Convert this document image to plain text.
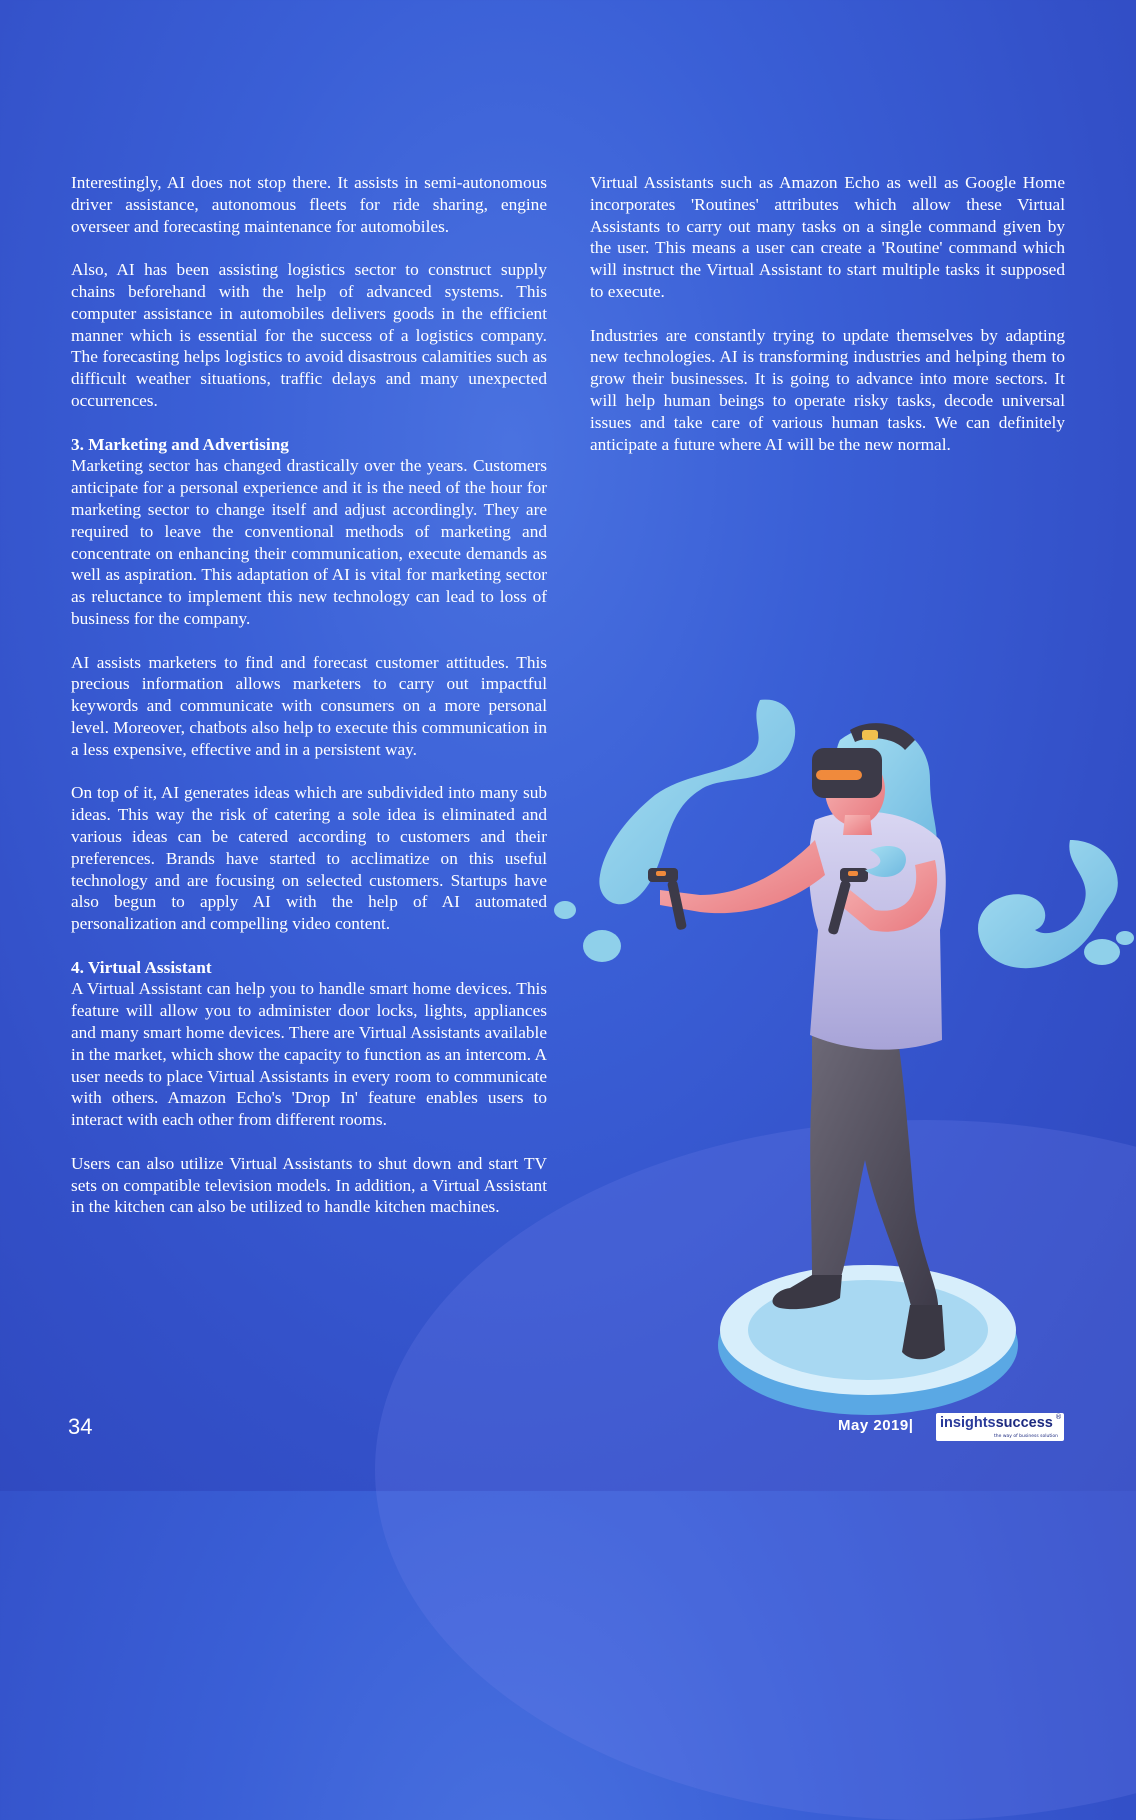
Interestingly, AI does not stop there. It assists in semi-autonomous driver assistance, autonomous fleets for ride sharing, engine overseer and forecasting maintenance for automobiles.

Also, AI has been assisting logistics sector to construct supply chains beforehand with the help of advanced systems. This computer assistance in automobiles delivers goods in the efficient manner which is essential for the success of a logistics company. The forecasting helps logistics to avoid disastrous calamities such as difficult weather situations, traffic delays and many unexpected occurrences.

3. Marketing and Advertising
Marketing sector has changed drastically over the years. Customers anticipate for a personal experience and it is the need of the hour for marketing sector to change itself and adjust accordingly. They are required to leave the conventional methods of marketing and concentrate on enhancing their communication, execute demands as well as aspiration. This adaptation of AI is vital for marketing sector as reluctance to implement this new technology can lead to loss of business for the company.

AI assists marketers to find and forecast customer attitudes. This precious information allows marketers to carry out impactful keywords and communicate with consumers on a more personal level. Moreover, chatbots also help to execute this communication in a less expensive, effective and in a persistent way.

On top of it, AI generates ideas which are subdivided into many sub ideas. This way the risk of catering a sole idea is eliminated and various ideas can be catered according to customers and their preferences. Brands have started to acclimatize on this useful technology and are focusing on selected customers. Startups have also begun to apply AI with the help of AI automated personalization and compelling video content.

4. Virtual Assistant
A Virtual Assistant can help you to handle smart home devices. This feature will allow you to administer door locks, lights, appliances and many smart home devices. There are Virtual Assistants available in the market, which show the capacity to function as an intercom. A user needs to place Virtual Assistants in every room to communicate with others. Amazon Echo's 'Drop In' feature enables users to interact with each other from different rooms.

Users can also utilize Virtual Assistants to shut down and start TV sets on compatible television models. In addition, a Virtual Assistant in the kitchen can also be utilized to handle kitchen machines.

Virtual Assistants such as Amazon Echo as well as Google Home incorporates 'Routines' attributes which allow these Virtual Assistants to carry out many tasks on a single command given by the user. This means a user can create a 'Routine' command which will instruct the Virtual Assistant to start multiple tasks it supposed to execute.

Industries are constantly trying to update themselves by adapting new technologies. AI is transforming industries and helping them to grow their businesses. It is going to advance into more sectors. It will help human beings to operate risky tasks, decode universal issues and take care of various human tasks. We can definitely anticipate a future where AI will be the new normal.

34	May 2019| insightssuccess ®
the way of business solution
